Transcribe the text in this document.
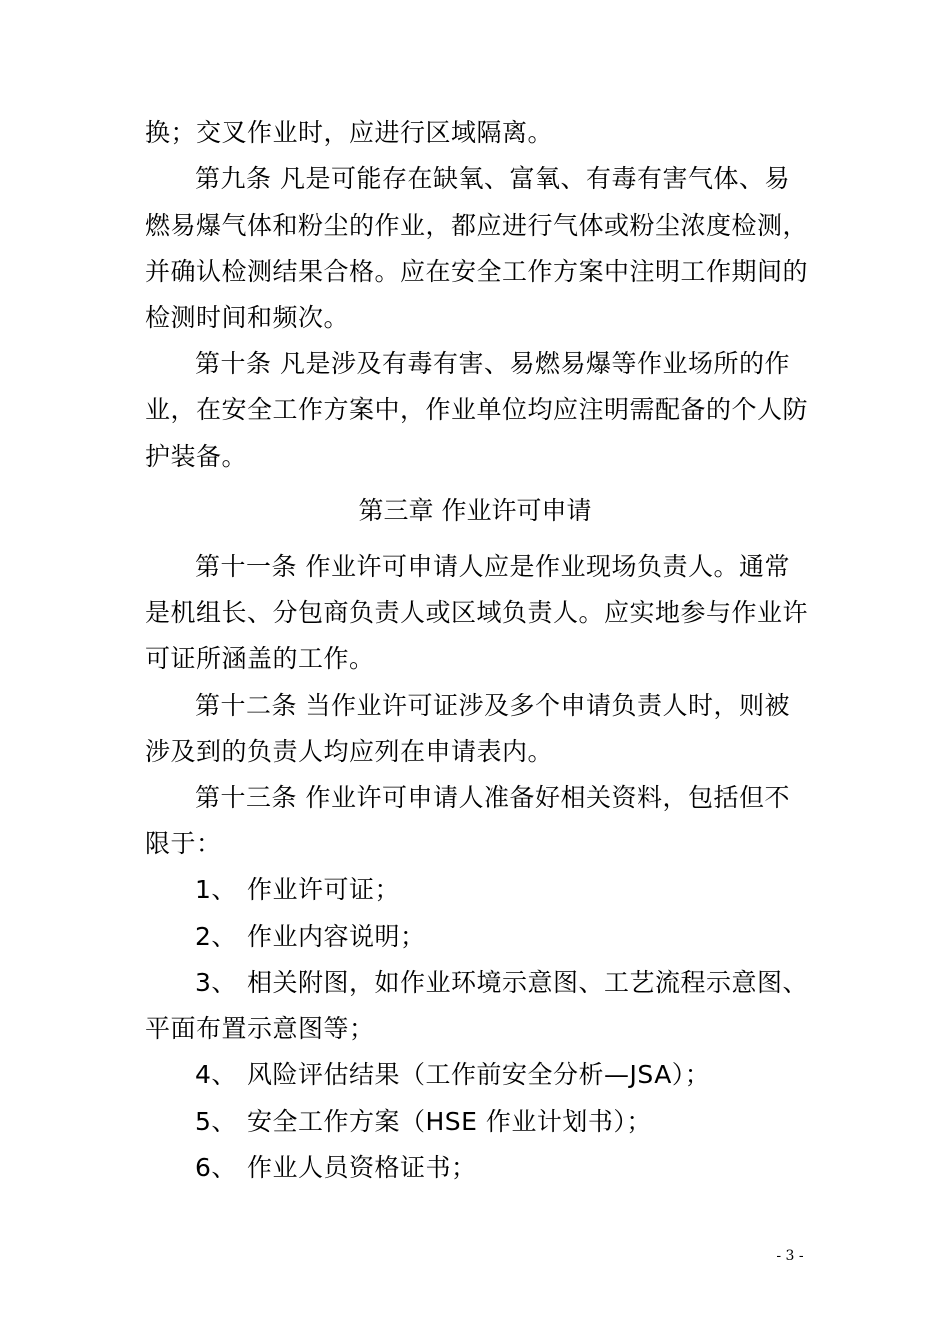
换；交叉作业时，应进行区域隔离。
第九条 凡是可能存在缺氧、富氧、有毒有害气体、易
燃易爆气体和粉尘的作业，都应进行气体或粉尘浓度检测，
并确认检测结果合格。应在安全工作方案中注明工作期间的
检测时间和频次。
第十条 凡是涉及有毒有害、易燃易爆等作业场所的作
业，在安全工作方案中，作业单位均应注明需配备的个人防
护装备。
第三章 作业许可申请
第十一条 作业许可申请人应是作业现场负责人。通常
是机组长、分包商负责人或区域负责人。应实地参与作业许
可证所涵盖的工作。
第十二条 当作业许可证涉及多个申请负责人时，则被
涉及到的负责人均应列在申请表内。
第十三条 作业许可申请人准备好相关资料，包括但不
限于：
1、 作业许可证；
2、 作业内容说明；
3、 相关附图，如作业环境示意图、工艺流程示意图、
平面布置示意图等；
4、 风险评估结果（工作前安全分析—JSA）；
5、 安全工作方案（HSE 作业计划书）；
6、 作业人员资格证书；
- 3 -
